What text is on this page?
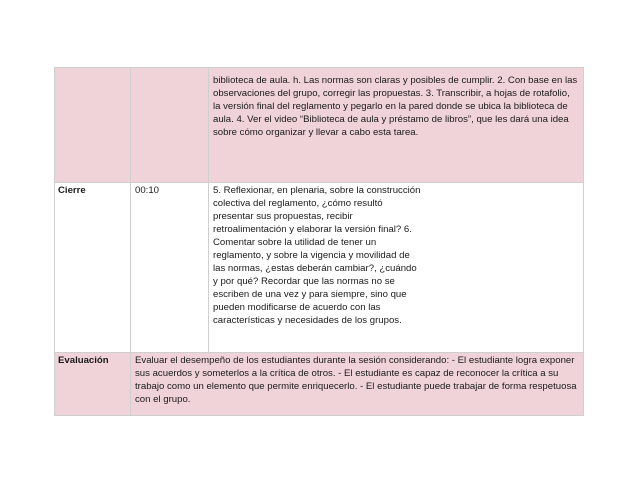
		biblioteca de aula. h. Las normas son claras y posibles de cumplir. 2. Con base en las observaciones del grupo, corregir las propuestas. 3. Transcribir, a hojas de rotafolio, la versión final del reglamento y pegarlo en la pared donde se ubica la biblioteca de aula. 4. Ver el video “Biblioteca de aula y préstamo de libros”, que les dará una idea sobre cómo organizar y llevar a cabo esta tarea.

Cierre	00:10	5. Reflexionar, en plenaria, sobre la construcción colectiva del reglamento, ¿cómo resultó presentar sus propuestas, recibir retroalimentación y elaborar la versión final? 6. Comentar sobre la utilidad de tener un reglamento, y sobre la vigencia y movilidad de las normas, ¿estas deberán cambiar?, ¿cuándo y por qué? Recordar que las normas no se escriben de una vez y para siempre, sino que pueden modificarse de acuerdo con las características y necesidades de los grupos.

Evaluación	Evaluar el desempeño de los estudiantes durante la sesión considerando: - El estudiante logra exponer sus acuerdos y someterlos a la crítica de otros. - El estudiante es capaz de reconocer la crítica a su trabajo como un elemento que permite enriquecerlo. - El estudiante puede trabajar de forma respetuosa con el grupo.	
